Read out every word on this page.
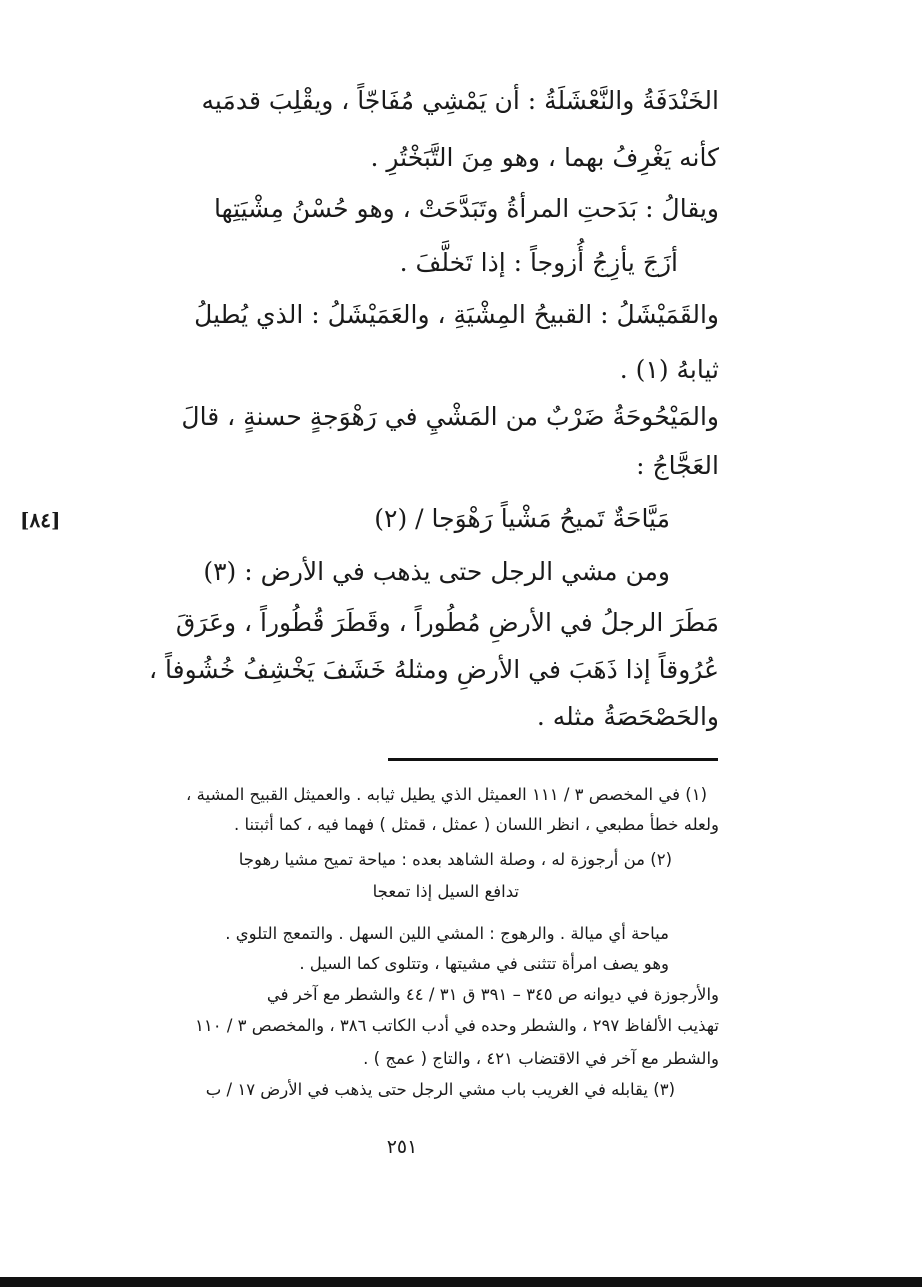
الخَنْدَفَةُ والنَّعْشَلَةُ : أن يَمْشِي مُفَاجّاً ، ويقْلِبَ قدمَيه
كأنه يَغْرِفُ بهما ، وهو مِنَ التَّبَخْتُرِ .
ويقالُ : بَدَحتِ المرأةُ وتَبَدَّحَتْ ، وهو حُسْنُ مِشْيَتِها
أزَجَ يأزِجُ أُزوجاً : إذا تَخلَّفَ .
والقَمَيْشَلُ : القبيحُ المِشْيَةِ ، والعَمَيْشَلُ : الذي يُطيلُ
ثيابهُ (١) .
والمَيْحُوحَةُ ضَرْبٌ من المَشْيِ في رَهْوَجةٍ حسنةٍ ، قالَ
العَجَّاجُ :
مَيَّاحَةٌ تَميحُ مَشْياً رَهْوَجا / (٢)
[٨٤]
ومن مشي الرجل حتى يذهب في الأرض : (٣)
مَطَرَ الرجلُ في الأرضِ مُطُوراً ، وقَطَرَ قُطُوراً ، وعَرَقَ
عُرُوقاً إذا ذَهَبَ في الأرضِ ومثلهُ خَشَفَ يَخْشِفُ خُشُوفاً ،
والحَصْحَصَةُ مثله .
(١) في المخصص ٣ / ١١١ العميثل الذي يطيل ثيابه . والعميثل القبيح المشية ،
ولعله خطأ مطبعي ، انظر اللسان ( عمثل ، قمثل ) فهما فيه ، كما أثبتنا .
(٢) من أرجوزة له ، وصلة الشاهد بعده : مياحة تميح مشيا رهوجا
تدافع السيل إذا تمعجا
مياحة أي ميالة . والرهوج : المشي اللين السهل . والتمعج التلوي .
وهو يصف امرأة تتثنى في مشيتها ، وتتلوى كما السيل .
والأرجوزة في ديوانه ص ٣٤٥ – ٣٩١ ق ٣١ / ٤٤ والشطر مع آخر في
تهذيب الألفاظ ٢٩٧ ، والشطر وحده في أدب الكاتب ٣٨٦ ، والمخصص ٣ / ١١٠
والشطر مع آخر في الاقتضاب ٤٢١ ، والتاج ( عمج ) .
(٣) يقابله في الغريب باب مشي الرجل حتى يذهب في الأرض ١٧ / ب
٢٥١
